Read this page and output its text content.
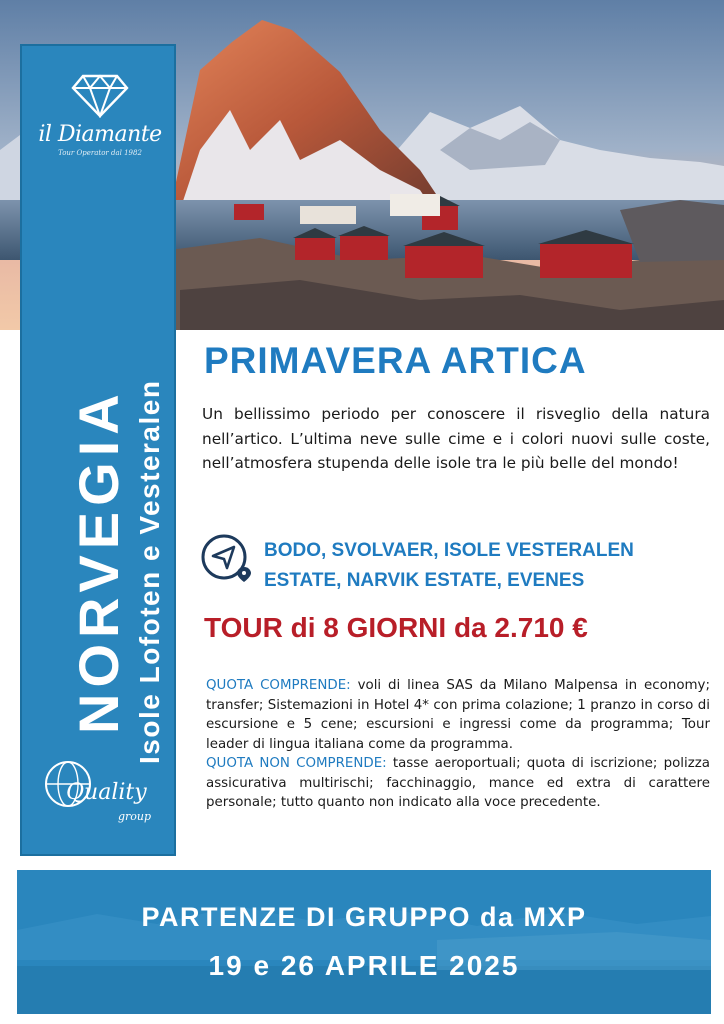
il Diamante
Tour Operator dal 1982
NORVEGIA Isole Lofoten e Vesteralen
Quality
group
PRIMAVERA ARTICA
Un bellissimo periodo per conoscere il risveglio della natura nell’artico. L’ultima neve sulle cime e i colori nuovi sulle coste, nell’atmosfera stupenda delle isole tra le più belle del mondo!
BODO, SVOLVAER, ISOLE VESTERALEN
ESTATE, NARVIK ESTATE, EVENES
TOUR di 8 GIORNI da 2.710 €
QUOTA COMPRENDE: voli di linea SAS da Milano Malpensa in economy; transfer; Sistemazioni in Hotel 4* con prima colazione; 1 pranzo in corso di escursione e 5 cene; escursioni e ingressi come da programma; Tour leader di lingua italiana come da programma.
QUOTA NON COMPRENDE: tasse aeroportuali; quota di iscrizione; polizza assicurativa multirischi; facchinaggio, mance ed extra di carattere personale; tutto quanto non indicato alla voce precedente.
PARTENZE DI GRUPPO da MXP
19 e 26 APRILE 2025
